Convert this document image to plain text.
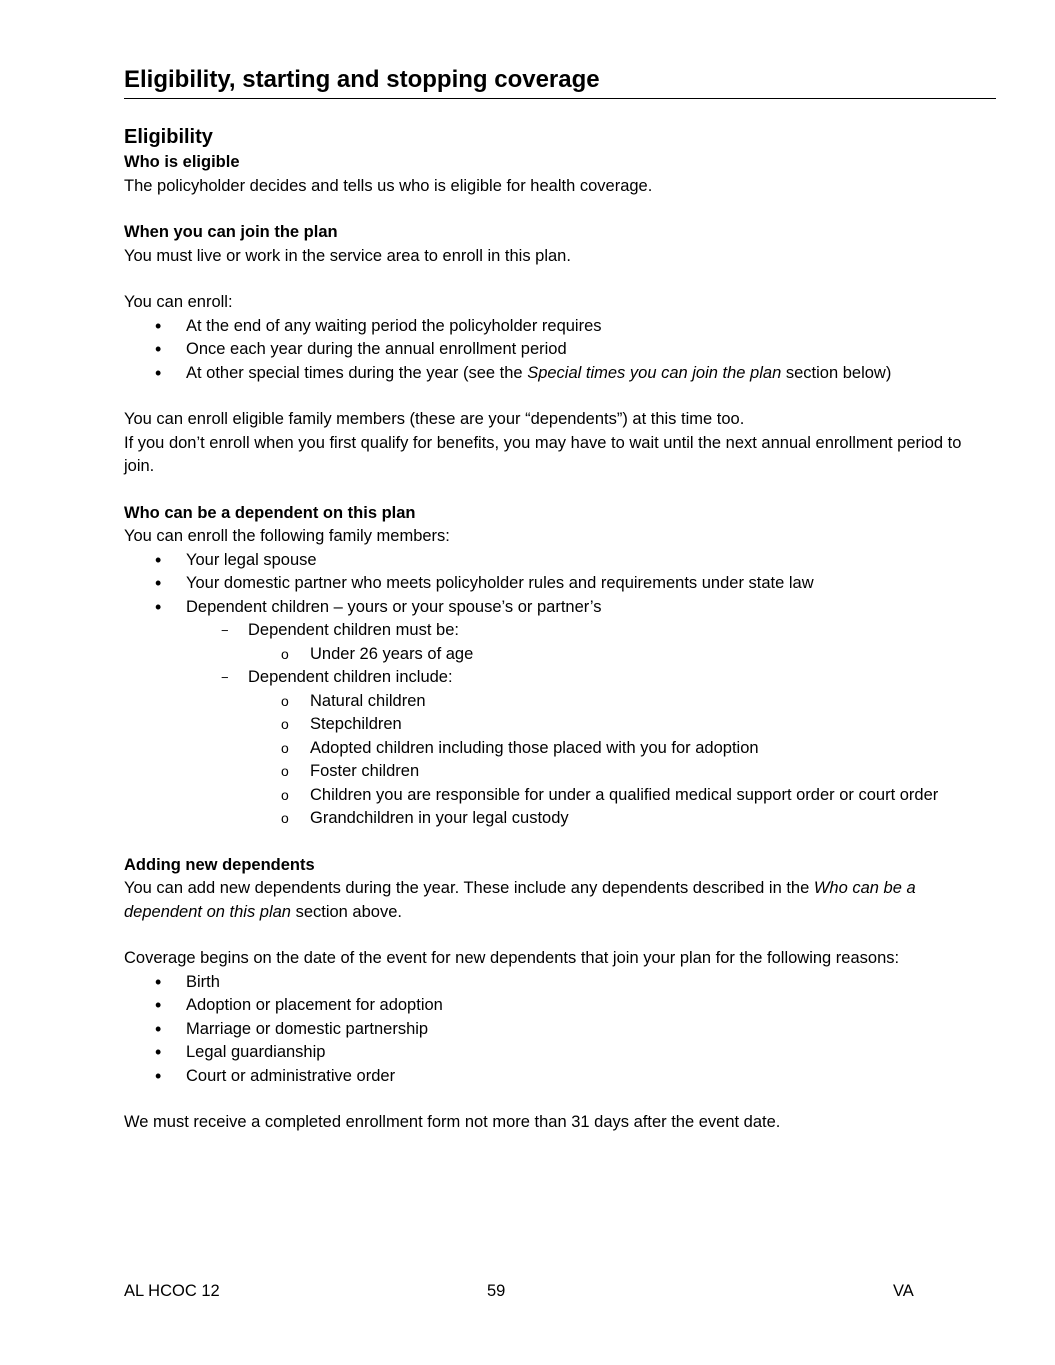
Eligibility, starting and stopping coverage
Eligibility
Who is eligible

The policyholder decides and tells us who is eligible for health coverage.

When you can join the plan

You must live or work in the service area to enroll in this plan.

You can enroll:

• At the end of any waiting period the policyholder requires
• Once each year during the annual enrollment period
• At other special times during the year (see the Special times you can join the plan section below)

You can enroll eligible family members (these are your “dependents”) at this time too.

If you don’t enroll when you first qualify for benefits, you may have to wait until the next annual enrollment period to join.

Who can be a dependent on this plan

You can enroll the following family members:

• Your legal spouse
• Your domestic partner who meets policyholder rules and requirements under state law
• Dependent children – yours or your spouse’s or partner’s
− Dependent children must be:
o Under 26 years of age
− Dependent children include:
o Natural children
o Stepchildren
o Adopted children including those placed with you for adoption
o Foster children
o Children you are responsible for under a qualified medical support order or court order
o Grandchildren in your legal custody
Adding new dependents

You can add new dependents during the year. These include any dependents described in the Who can be a dependent on this plan section above.

Coverage begins on the date of the event for new dependents that join your plan for the following reasons:

• Birth
• Adoption or placement for adoption
• Marriage or domestic partnership
• Legal guardianship
• Court or administrative order

We must receive a completed enrollment form not more than 31 days after the event date.

AL HCOC 12	59	VA
